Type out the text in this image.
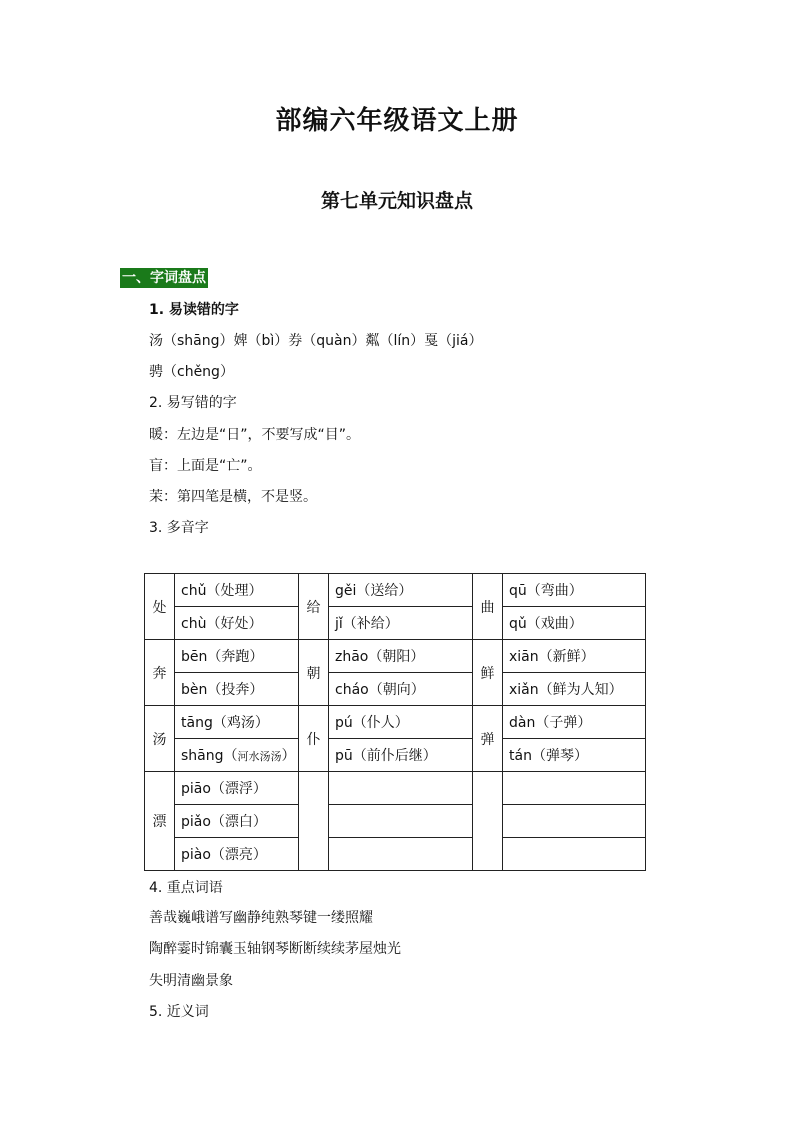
部编六年级语文上册
第七单元知识盘点
一、字词盘点
1. 易读错的字
汤（shāng）婢（bì）券（quàn）粼（lín）戛（jiá）
骋（chěng）
2. 易写错的字
暖：左边是“日”，不要写成“目”。
盲：上面是“亡”。
茉：第四笔是横，不是竖。
3. 多音字
处	chǔ（处理）	给	gěi（送给）	曲	qū（弯曲）
	chù（好处）		jǐ（补给）		qǔ（戏曲）
奔	bēn（奔跑）	朝	zhāo（朝阳）	鲜	xiān（新鲜）
	bèn（投奔）		cháo（朝向）		xiǎn（鲜为人知）
汤	tāng（鸡汤）	仆	pú（仆人）	弹	dàn（子弹）
	shāng（河水汤汤）		pū（前仆后继）		tán（弹琴）
漂	piāo（漂浮）				
	piǎo（漂白）				
	piào（漂亮）				
4. 重点词语
善哉巍峨谱写幽静纯熟琴键一缕照耀
陶醉霎时锦囊玉轴钢琴断断续续茅屋烛光
失明清幽景象
5. 近义词
